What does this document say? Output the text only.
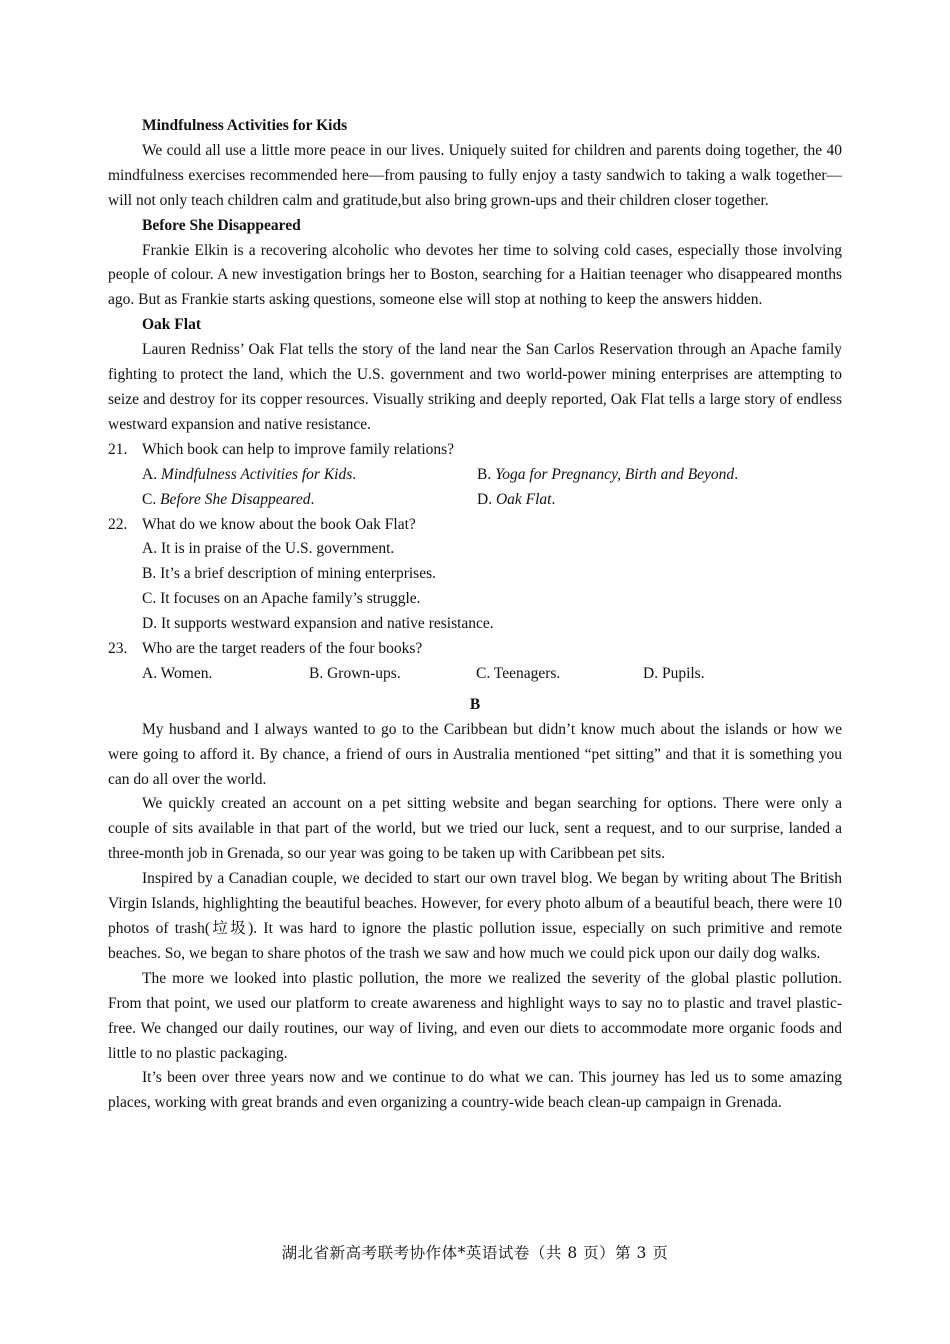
Mindfulness Activities for Kids

We could all use a little more peace in our lives. Uniquely suited for children and parents doing together, the 40 mindfulness exercises recommended here—from pausing to fully enjoy a tasty sandwich to taking a walk together—will not only teach children calm and gratitude,but also bring grown-ups and their children closer together.

Before She Disappeared

Frankie Elkin is a recovering alcoholic who devotes her time to solving cold cases, especially those involving people of colour. A new investigation brings her to Boston, searching for a Haitian teenager who disappeared months ago. But as Frankie starts asking questions, someone else will stop at nothing to keep the answers hidden.

Oak Flat

Lauren Redniss’ Oak Flat tells the story of the land near the San Carlos Reservation through an Apache family fighting to protect the land, which the U.S. government and two world-power mining enterprises are attempting to seize and destroy for its copper resources. Visually striking and deeply reported, Oak Flat tells a large story of endless westward expansion and native resistance.

21. Which book can help to improve family relations?
A. Mindfulness Activities for Kids.	B. Yoga for Pregnancy, Birth and Beyond.
C. Before She Disappeared.	D. Oak Flat.
22. What do we know about the book Oak Flat?
A. It is in praise of the U.S. government.
B. It’s a brief description of mining enterprises.
C. It focuses on an Apache family’s struggle.
D. It supports westward expansion and native resistance.
23. Who are the target readers of the four books?
A. Women.	B. Grown-ups.	C. Teenagers.	D. Pupils.

B

My husband and I always wanted to go to the Caribbean but didn’t know much about the islands or how we were going to afford it. By chance, a friend of ours in Australia mentioned “pet sitting” and that it is something you can do all over the world.

We quickly created an account on a pet sitting website and began searching for options. There were only a couple of sits available in that part of the world, but we tried our luck, sent a request, and to our surprise, landed a three-month job in Grenada, so our year was going to be taken up with Caribbean pet sits.

Inspired by a Canadian couple, we decided to start our own travel blog. We began by writing about The British Virgin Islands, highlighting the beautiful beaches. However, for every photo album of a beautiful beach, there were 10 photos of trash(垃圾). It was hard to ignore the plastic pollution issue, especially on such primitive and remote beaches. So, we began to share photos of the trash we saw and how much we could pick upon our daily dog walks.

The more we looked into plastic pollution, the more we realized the severity of the global plastic pollution. From that point, we used our platform to create awareness and highlight ways to say no to plastic and travel plastic-free. We changed our daily routines, our way of living, and even our diets to accommodate more organic foods and little to no plastic packaging.

It’s been over three years now and we continue to do what we can. This journey has led us to some amazing places, working with great brands and even organizing a country-wide beach clean-up campaign in Grenada.

湖北省新高考联考协作体*英语试卷（共 8 页）第 3 页
